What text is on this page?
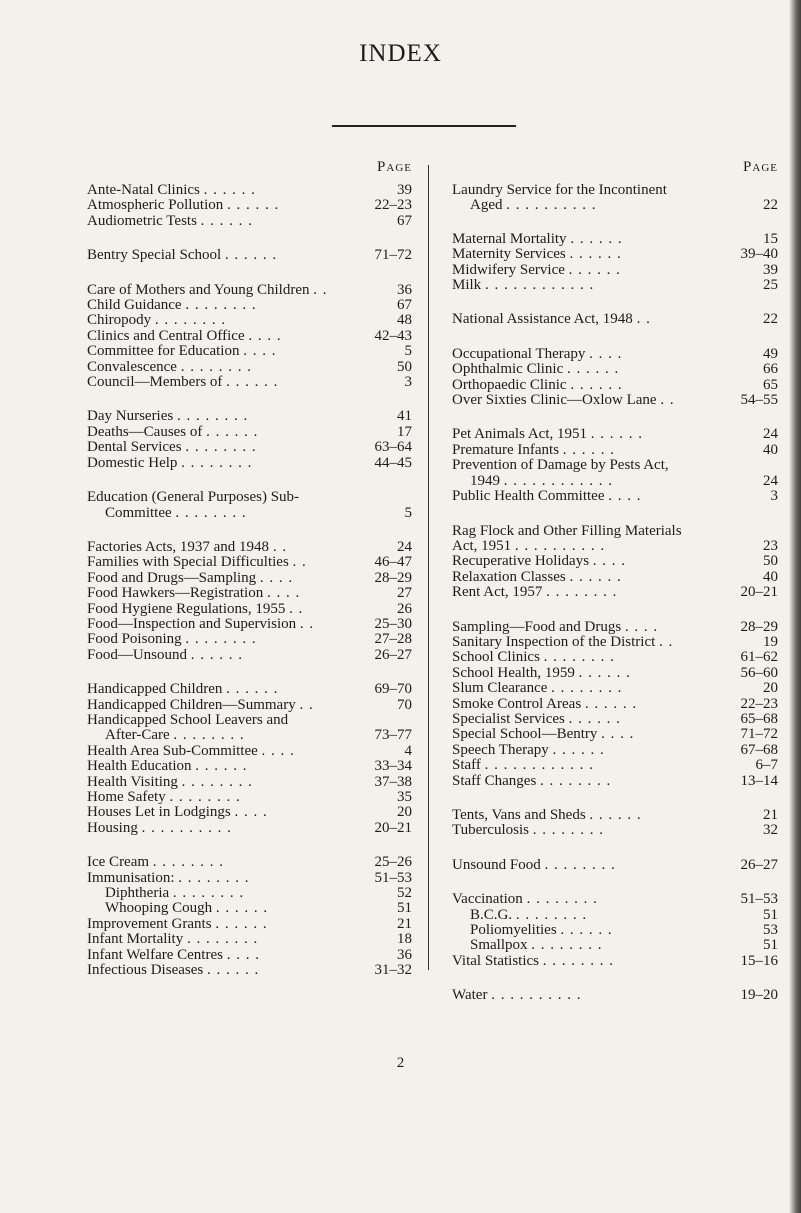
INDEX
Page
Ante-Natal Clinics . . . . . .	39
Atmospheric Pollution . . . . . .	22–23
Audiometric Tests . . . . . .	67
Bentry Special School . . . . . .	71–72
Care of Mothers and Young Children . .	36
Child Guidance . . . . . . . .	67
Chiropody . . . . . . . .	48
Clinics and Central Office . . . .	42–43
Committee for Education . . . .	5
Convalescence . . . . . . . .	50
Council—Members of . . . . . .	3
Day Nurseries . . . . . . . .	41
Deaths—Causes of . . . . . .	17
Dental Services . . . . . . . .	63–64
Domestic Help . . . . . . . .	44–45
Education (General Purposes) Sub-
Committee . . . . . . . .	5
Factories Acts, 1937 and 1948 . .	24
Families with Special Difficulties . .	46–47
Food and Drugs—Sampling . . . .	28–29
Food Hawkers—Registration . . . .	27
Food Hygiene Regulations, 1955 . .	26
Food—Inspection and Supervision . .	25–30
Food Poisoning . . . . . . . .	27–28
Food—Unsound . . . . . .	26–27
Handicapped Children . . . . . .	69–70
Handicapped Children—Summary . .	70
Handicapped School Leavers and
After-Care . . . . . . . .	73–77
Health Area Sub-Committee . . . .	4
Health Education . . . . . .	33–34
Health Visiting . . . . . . . .	37–38
Home Safety . . . . . . . .	35
Houses Let in Lodgings . . . .	20
Housing . . . . . . . . . .	20–21
Ice Cream . . . . . . . .	25–26
Immunisation: . . . . . . . .	51–53
Diphtheria . . . . . . . .	52
Whooping Cough . . . . . .	51
Improvement Grants . . . . . .	21
Infant Mortality . . . . . . . .	18
Infant Welfare Centres . . . .	36
Infectious Diseases . . . . . .	31–32
Page
Laundry Service for the Incontinent
Aged . . . . . . . . . .	22
Maternal Mortality . . . . . .	15
Maternity Services . . . . . .	39–40
Midwifery Service . . . . . .	39
Milk . . . . . . . . . . . .	25
National Assistance Act, 1948 . .	22
Occupational Therapy . . . .	49
Ophthalmic Clinic . . . . . .	66
Orthopaedic Clinic . . . . . .	65
Over Sixties Clinic—Oxlow Lane . .	54–55
Pet Animals Act, 1951 . . . . . .	24
Premature Infants . . . . . .	40
Prevention of Damage by Pests Act,
1949 . . . . . . . . . . . .	24
Public Health Committee . . . .	3
Rag Flock and Other Filling Materials
Act, 1951 . . . . . . . . . .	23
Recuperative Holidays . . . .	50
Relaxation Classes . . . . . .	40
Rent Act, 1957 . . . . . . . .	20–21
Sampling—Food and Drugs . . . .	28–29
Sanitary Inspection of the District . .	19
School Clinics . . . . . . . .	61–62
School Health, 1959 . . . . . .	56–60
Slum Clearance . . . . . . . .	20
Smoke Control Areas . . . . . .	22–23
Specialist Services . . . . . .	65–68
Special School—Bentry . . . .	71–72
Speech Therapy . . . . . .	67–68
Staff . . . . . . . . . . . .	6–7
Staff Changes . . . . . . . .	13–14
Tents, Vans and Sheds . . . . . .	21
Tuberculosis . . . . . . . .	32
Unsound Food . . . . . . . .	26–27
Vaccination . . . . . . . .	51–53
B.C.G. . . . . . . . .	51
Poliomyelities . . . . . .	53
Smallpox . . . . . . . .	51
Vital Statistics . . . . . . . .	15–16
Water . . . . . . . . . .	19–20
2
